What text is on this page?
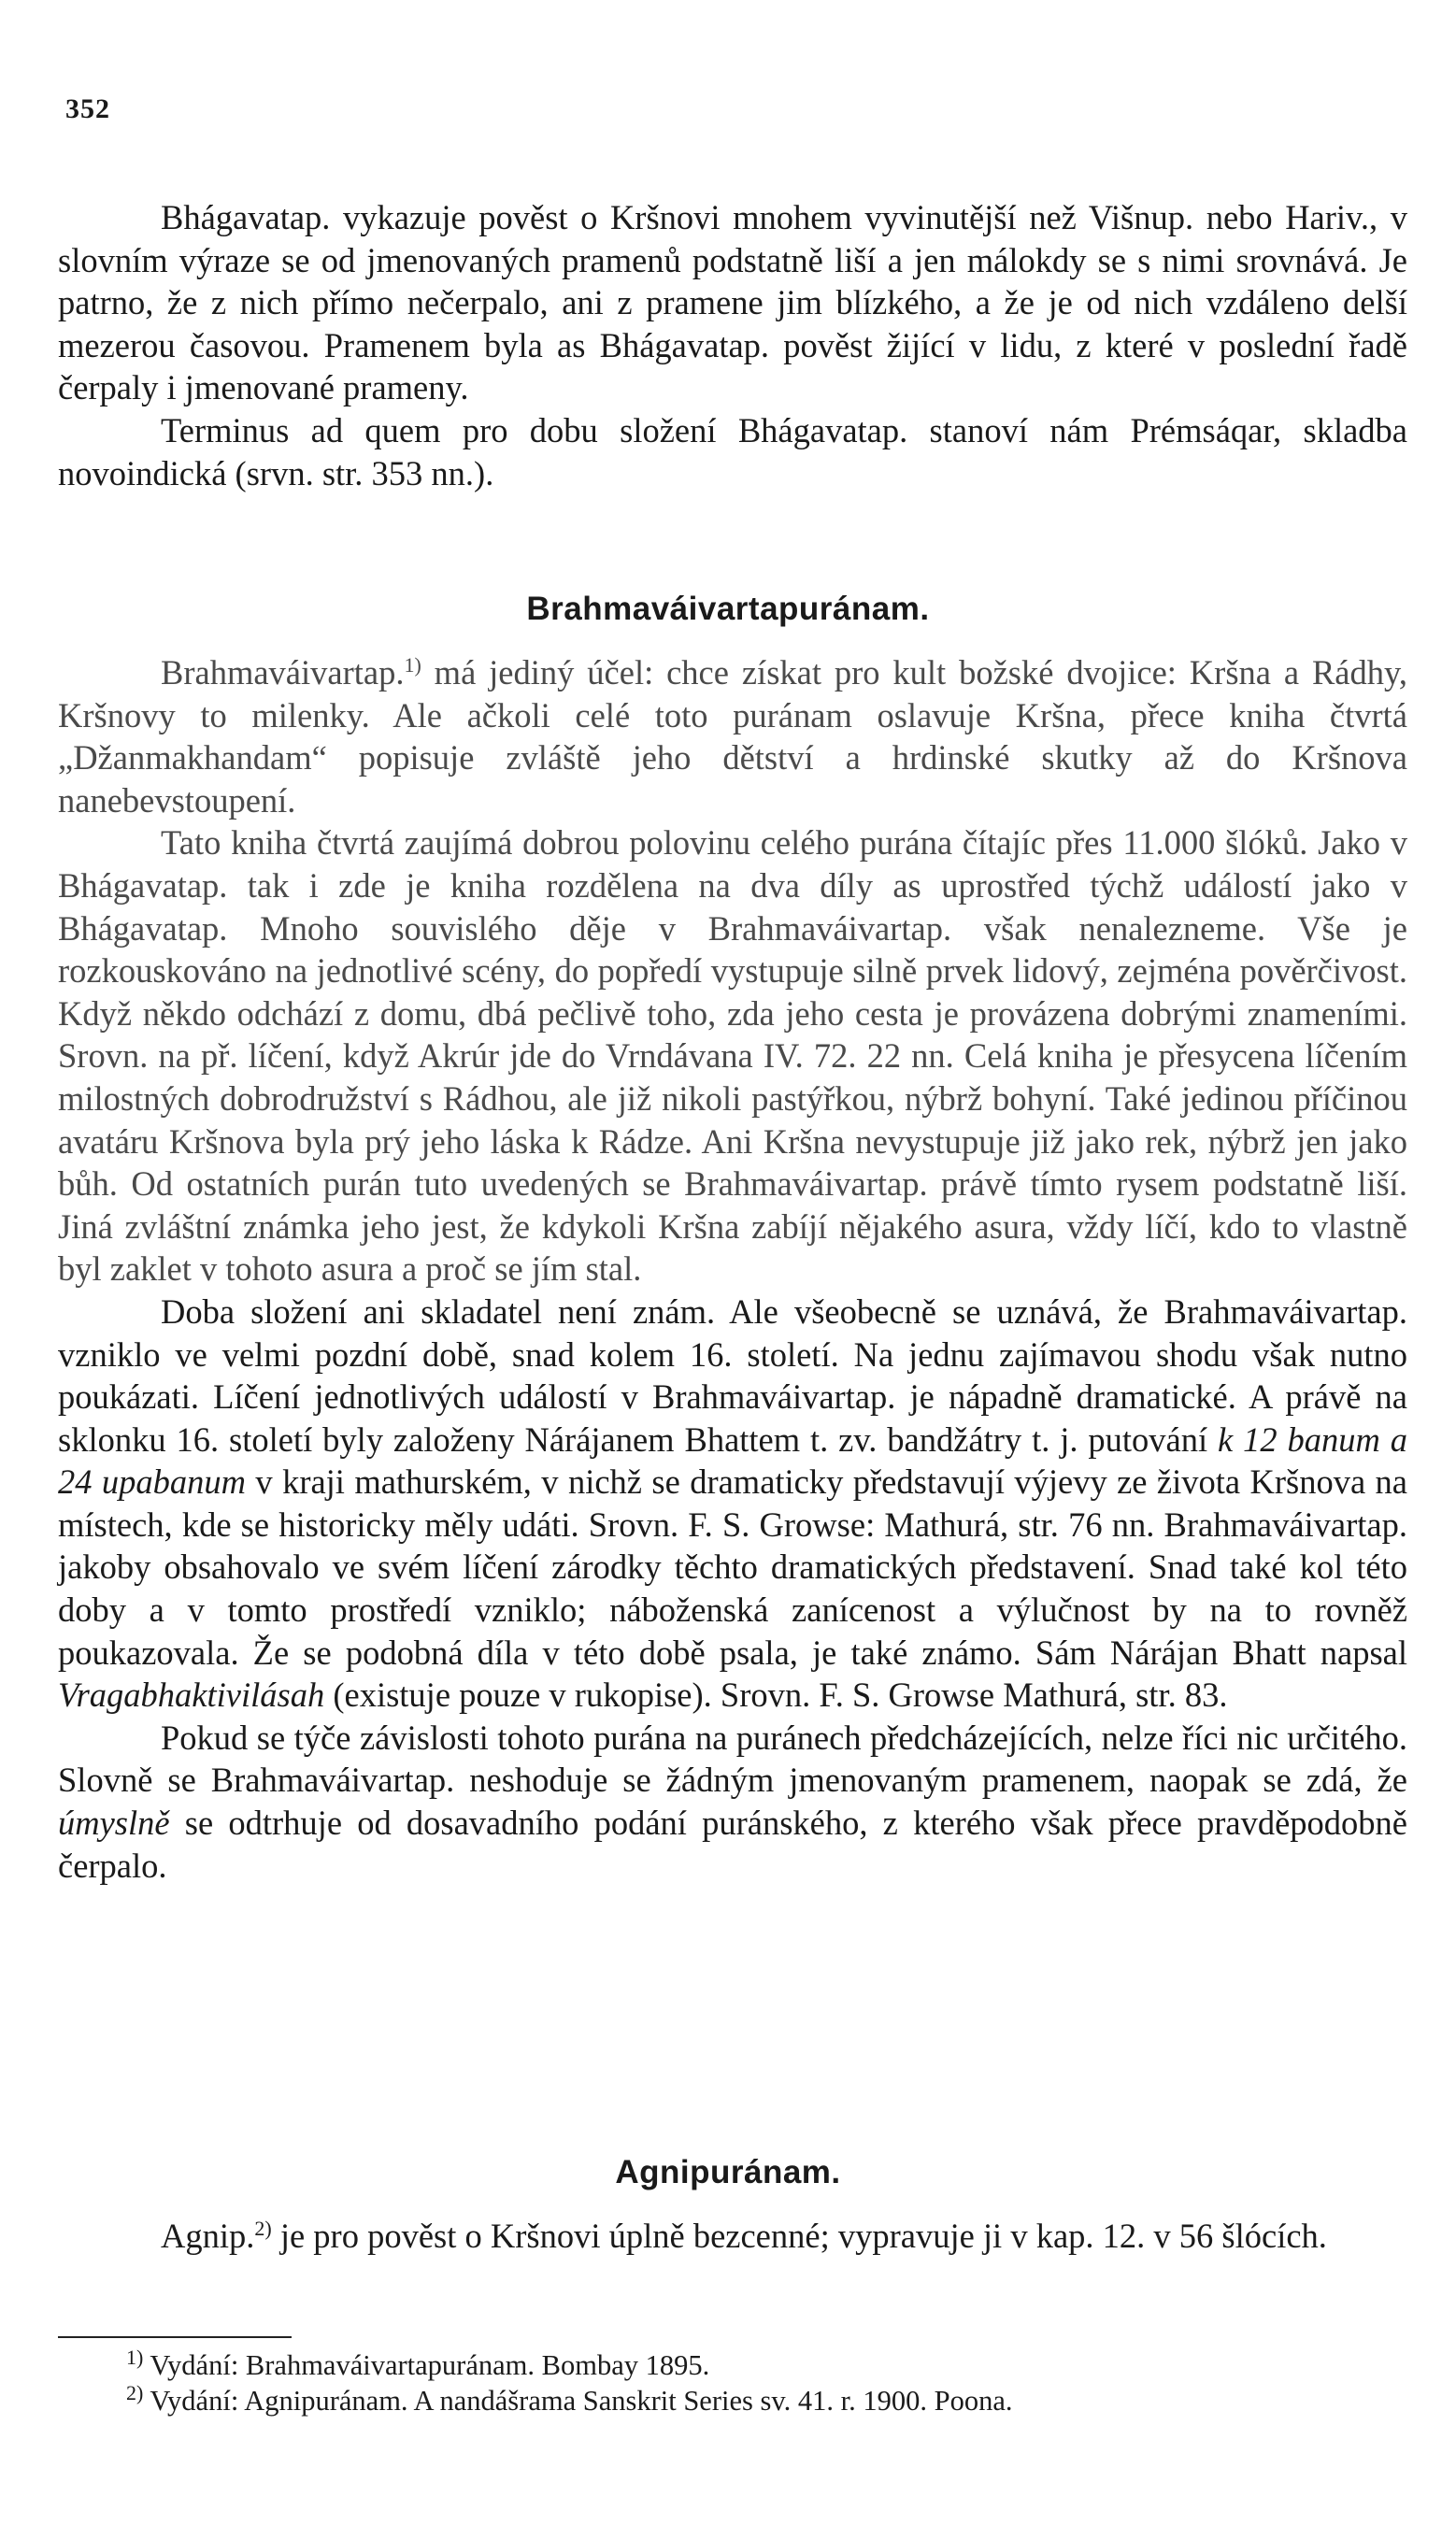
352

Bhágavatap. vykazuje pověst o Kršnovi mnohem vyvinutější než Višnup. nebo Hariv., v slovním výraze se od jmenovaných pramenů podstatně liší a jen málokdy se s nimi srovnává. Je patrno, že z nich přímo nečerpalo, ani z pramene jim blízkého, a že je od nich vzdáleno delší mezerou časovou. Pramenem byla as Bhágavatap. pověst žijící v lidu, z které v poslední řadě čerpaly i jmenované prameny.

Terminus ad quem pro dobu složení Bhágavatap. stanoví nám Prémsáqar, skladba novoindická (srvn. str. 353 nn.).

Brahmaváivartapuránam.

Brahmaváivartap.$^{1)}$ má jediný účel: chce získat pro kult božské dvojice: Kršna a Rádhy, Kršnovy to milenky. Ale ačkoli celé toto puránam oslavuje Kršna, přece kniha čtvrtá „Džanmakhandam“ popisuje zvláště jeho dětství a hrdinské skutky až do Kršnova nanebevstoupení.

Tato kniha čtvrtá zaujímá dobrou polovinu celého purána čítajíc přes 11.000 šlóků. Jako v Bhágavatap. tak i zde je kniha rozdělena na dva díly as uprostřed týchž událostí jako v Bhágavatap. Mnoho souvislého děje v Brahmaváivartap. však nenalezneme. Vše je rozkouskováno na jednotlivé scény, do popředí vystupuje silně prvek lidový, zejména pověrčivost. Když někdo odchází z domu, dbá pečlivě toho, zda jeho cesta je provázena dobrými znameními. Srovn. na př. líčení, když Akrúr jde do Vrndávana IV. 72. 22 nn. Celá kniha je přesycena líčením milostných dobrodružství s Rádhou, ale již nikoli pastýřkou, nýbrž bohyní. Také jedinou příčinou avatáru Kršnova byla prý jeho láska k Rádze. Ani Kršna nevystupuje již jako rek, nýbrž jen jako bůh. Od ostatních purán tuto uvedených se Brahmaváivartap. právě tímto rysem podstatně liší. Jiná zvláštní známka jeho jest, že kdykoli Kršna zabíjí nějakého asura, vždy líčí, kdo to vlastně byl zaklet v tohoto asura a proč se jím stal.

Doba složení ani skladatel není znám. Ale všeobecně se uznává, že Brahmaváivartap. vzniklo ve velmi pozdní době, snad kolem 16. století. Na jednu zajímavou shodu však nutno poukázati. Líčení jednotlivých událostí v Brahmaváivartap. je nápadně dramatické. A právě na sklonku 16. století byly založeny Nárájanem Bhattem t. zv. bandžátry t. j. putování k 12 banum a 24 upabanum v kraji mathurském, v nichž se dramaticky představují výjevy ze života Kršnova na místech, kde se historicky měly udáti. Srovn. F. S. Growse: Mathurá, str. 76 nn. Brahmaváivartap. jakoby obsahovalo ve svém líčení zárodky těchto dramatických představení. Snad také kol této doby a v tomto prostředí vzniklo; náboženská zanícenost a výlučnost by na to rovněž poukazovala. Že se podobná díla v této době psala, je také známo. Sám Nárájan Bhatt napsal Vragabhaktivilásah (existuje pouze v rukopise). Srovn. F. S. Growse Mathurá, str. 83.

Pokud se týče závislosti tohoto purána na puránech předcházejících, nelze říci nic určitého. Slovně se Brahmaváivartap. neshoduje se žádným jmenovaným pramenem, naopak se zdá, že úmyslně se odtrhuje od dosavadního podání puránského, z kterého však přece pravděpodobně čerpalo.

Agnipuránam.

Agnip.$^{2)}$ je pro pověst o Kršnovi úplně bezcenné; vypravuje ji v kap. 12. v 56 šlócích.

$^{1)}$ Vydání: Brahmaváivartapuránam. Bombay 1895.

$^{2)}$ Vydání: Agnipuránam. A nandášrama Sanskrit Series sv. 41. r. 1900. Poona.
